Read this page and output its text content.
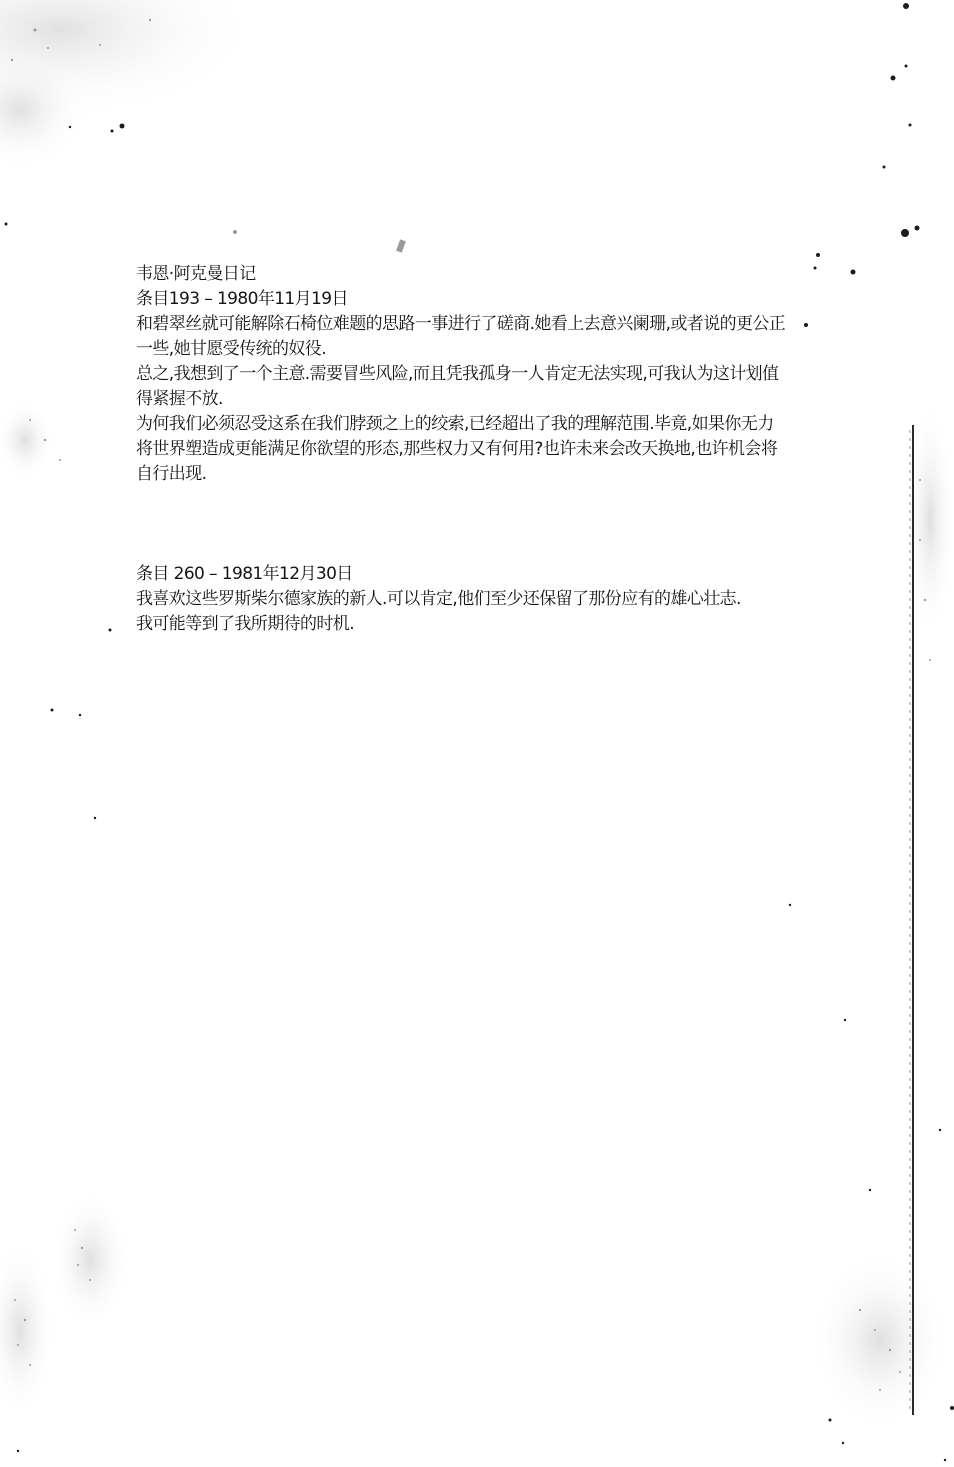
韦恩·阿克曼日记

条目193 – 1980年11月19日

和碧翠丝就可能解除石椅位难题的思路一事进行了磋商.她看上去意兴阑珊,或者说的更公正一些,她甘愿受传统的奴役.

总之,我想到了一个主意.需要冒些风险,而且凭我孤身一人肯定无法实现,可我认为这计划值得紧握不放.

为何我们必须忍受这系在我们脖颈之上的绞索,已经超出了我的理解范围.毕竟,如果你无力将世界塑造成更能满足你欲望的形态,那些权力又有何用?也许未来会改天换地,也许机会将自行出现.

条目 260 – 1981年12月30日

我喜欢这些罗斯柴尔德家族的新人.可以肯定,他们至少还保留了那份应有的雄心壮志.

我可能等到了我所期待的时机.
